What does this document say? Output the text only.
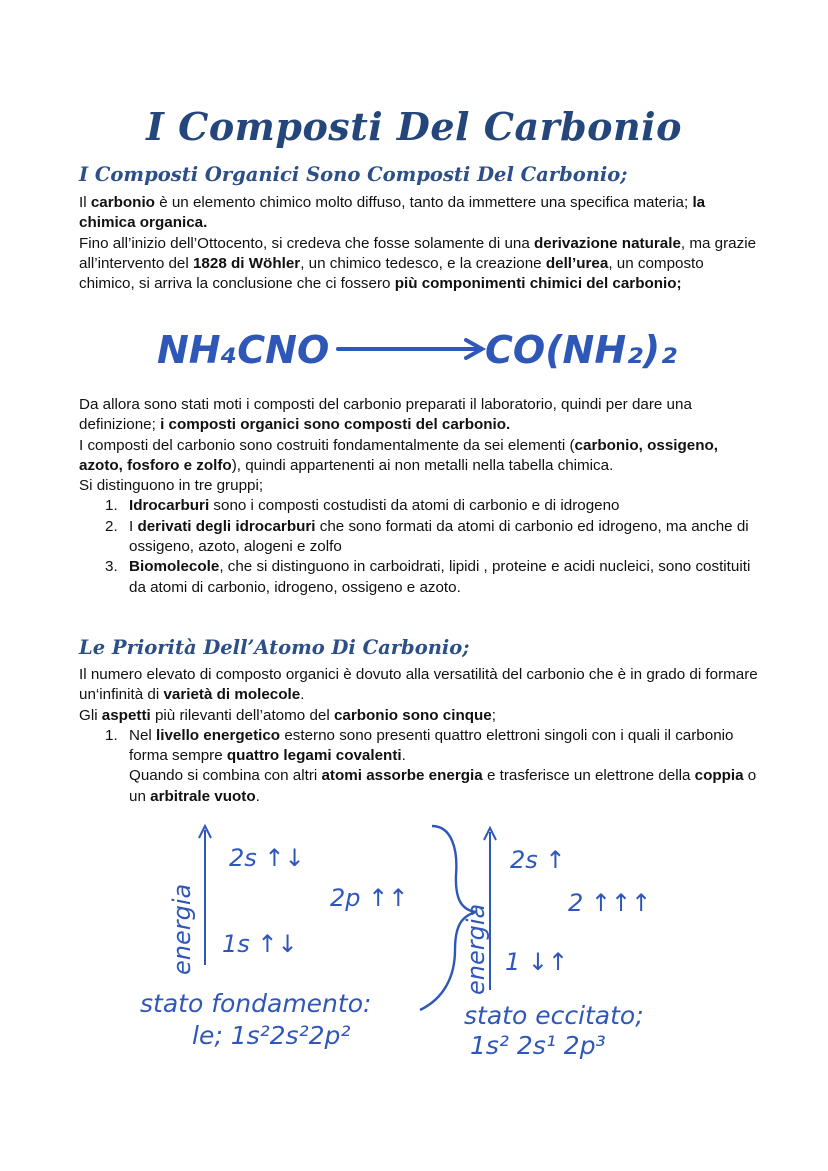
I Composti Del Carbonio
I Composti Organici Sono Composti Del Carbonio;

Il carbonio è un elemento chimico molto diffuso, tanto da immettere una specifica materia; la chimica organica.

Fino all’inizio dell’Ottocento, si credeva che fosse solamente di una derivazione naturale, ma grazie all’intervento del 1828 di Wöhler, un chimico tedesco, e la creazione dell’urea, un composto chimico, si arriva la conclusione che ci fossero più componimenti chimici del carbonio;

NH₄CNO	CO(NH₂)₂

Da allora sono stati moti i composti del carbonio preparati il laboratorio, quindi per dare una definizione; i composti organici sono composti del carbonio.

I composti del carbonio sono costruiti fondamentalmente da sei elementi (carbonio, ossigeno, azoto, fosforo e zolfo), quindi appartenenti ai non metalli nella tabella chimica.

Si distinguono in tre gruppi;

1. Idrocarburi sono i composti costudisti da atomi di carbonio e di idrogeno
2. I derivati degli idrocarburi che sono formati da atomi di carbonio ed idrogeno, ma anche di ossigeno, azoto, alogeni e zolfo
3. Biomolecole, che si distinguono in carboidrati, lipidi , proteine e acidi nucleici, sono costituiti da atomi di carbonio, idrogeno, ossigeno e azoto.
Le Priorità Dell’Atomo Di Carbonio;

Il numero elevato di composto organici è dovuto alla versatilità del carbonio che è in grado di formare un‘infinità di varietà di molecole.

Gli aspetti più rilevanti dell’atomo del carbonio sono cinque;

1. Nel livello energetico esterno sono presenti quattro elettroni singoli con i quali il carbonio forma sempre quattro legami covalenti.
Quando si combina con altri atomi assorbe energia e trasferisce un elettrone della coppia o un arbitrale vuoto.
energia
2s ↑↓
2p ↑↑
1s ↑↓
stato fondamento:
le; 1s²2s²2p²
energia
2s ↑
2 ↑↑↑
1 ↓↑
stato eccitato;
1s² 2s¹ 2p³
